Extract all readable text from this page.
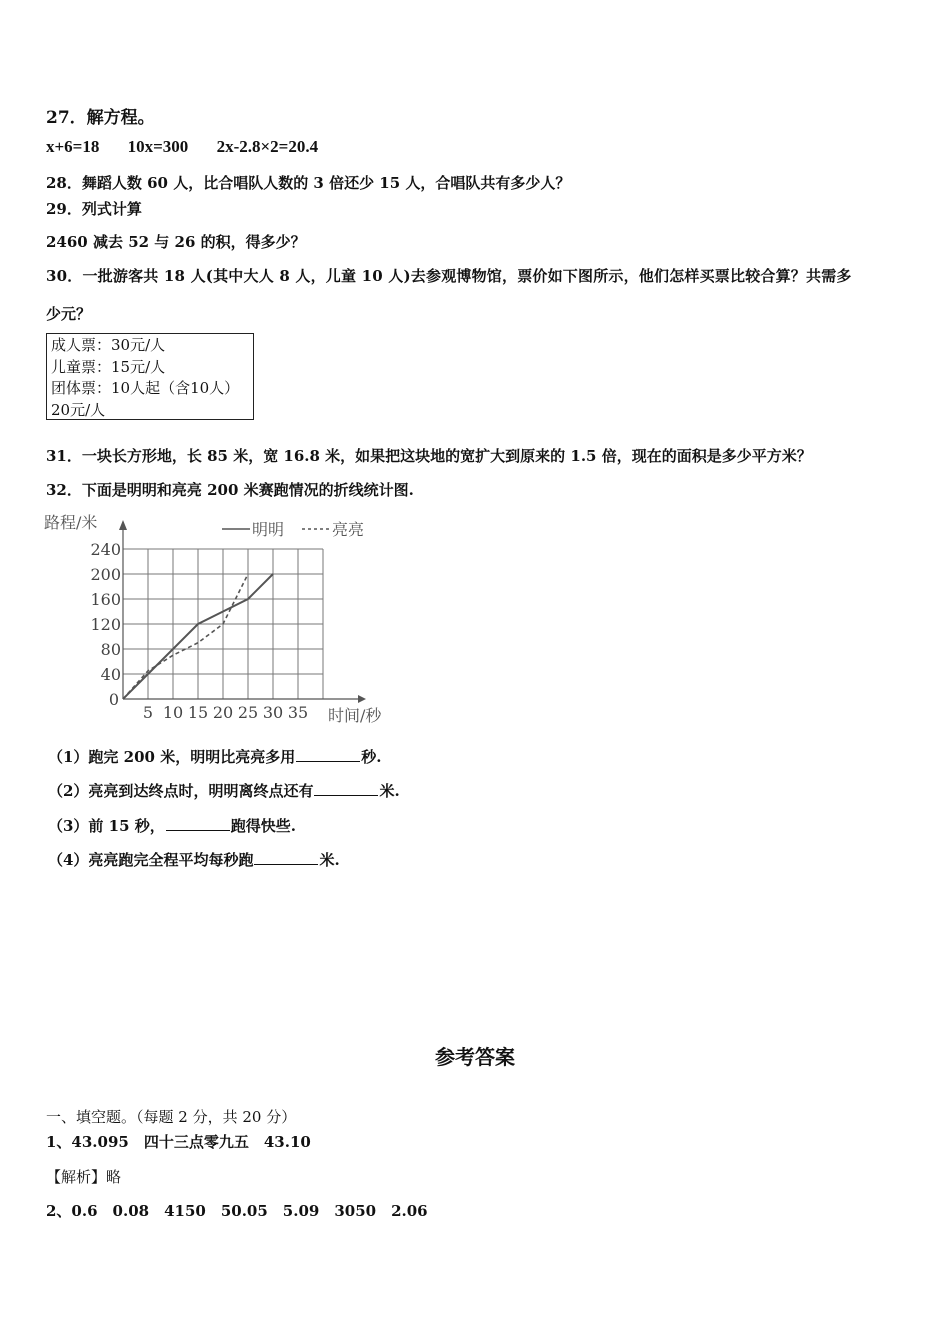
27．解方程。
x+6=18 10x=300 2x-2.8×2=20.4
28．舞蹈人数 60 人，比合唱队人数的 3 倍还少 15 人，合唱队共有多少人？
29．列式计算
2460 减去 52 与 26 的积，得多少？
30．一批游客共 18 人(其中大人 8 人，儿童 10 人)去参观博物馆，票价如下图所示，他们怎样买票比较合算？共需多
少元？
成人票：30元/人
儿童票：15元/人
团体票：10人起（含10人）
20元/人
31．一块长方形地，长 85 米，宽 16.8 米，如果把这块地的宽扩大到原来的 1.5 倍，现在的面积是多少平方米？
32．下面是明明和亮亮 200 米赛跑情况的折线统计图.
5 10 15 20 25 30 35
40
80
120
160
200
240
0
路程/米
时间/秒
明明	亮亮
（1）跑完 200 米，明明比亮亮多用	秒.
（2）亮亮到达终点时，明明离终点还有	米.
（3）前 15 秒，	跑得快些.
（4）亮亮跑完全程平均每秒跑	米.
参考答案
一、填空题。（每题 2 分，共 20 分）
1、43.095　四十三点零九五　43.10
【解析】略
2、0.6　0.08　4150　50.05　5.09　3050　2.06
